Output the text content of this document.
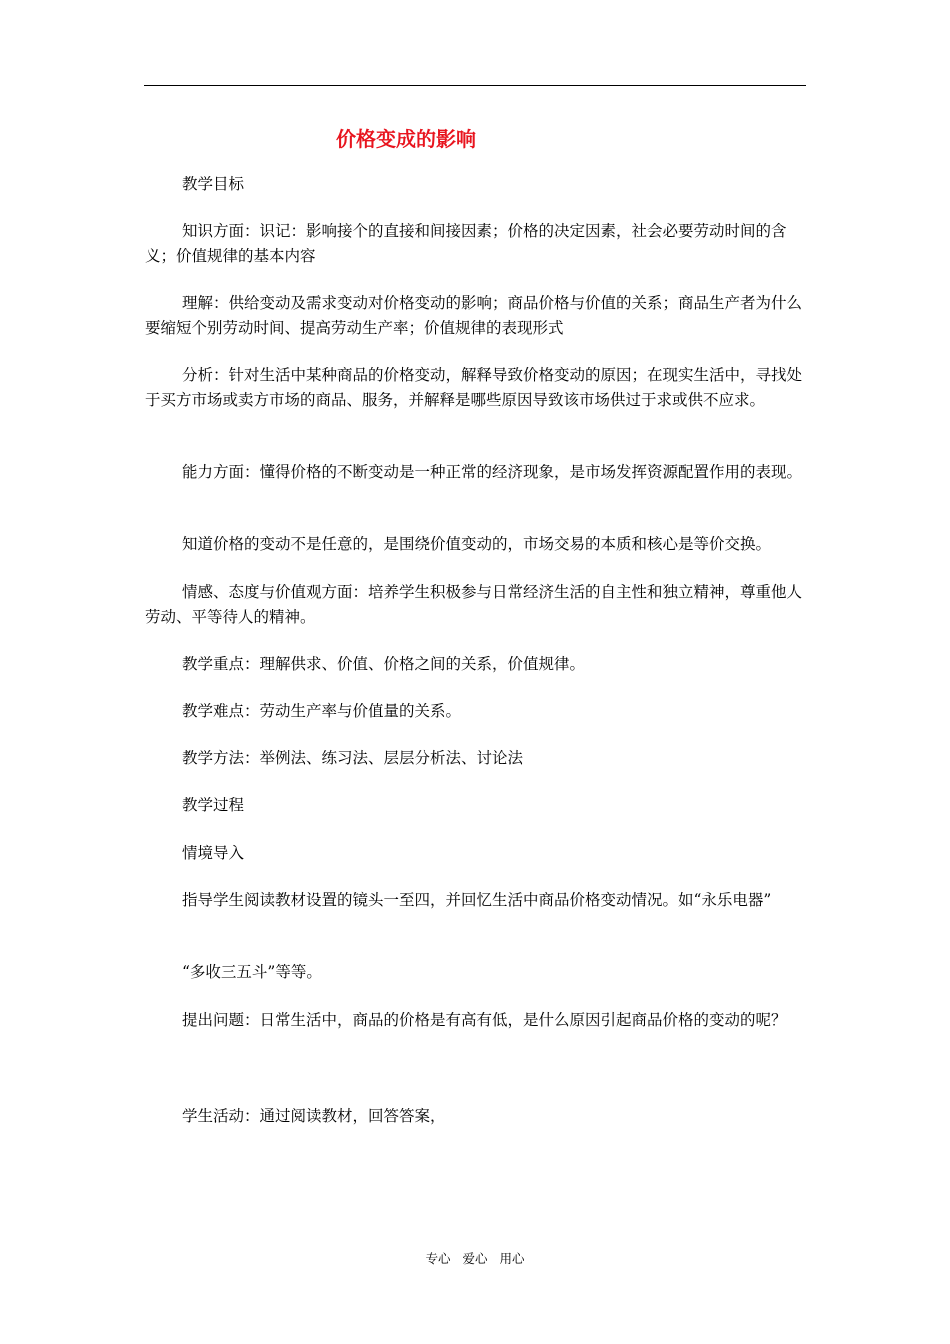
价格变成的影响

教学目标

知识方面：识记：影响接个的直接和间接因素；价格的决定因素，社会必要劳动时间的含义；价值规律的基本内容

理解：供给变动及需求变动对价格变动的影响；商品价格与价值的关系；商品生产者为什么要缩短个别劳动时间、提高劳动生产率；价值规律的表现形式

分析：针对生活中某种商品的价格变动，解释导致价格变动的原因；在现实生活中，寻找处于买方市场或卖方市场的商品、服务，并解释是哪些原因导致该市场供过于求或供不应求。

能力方面：懂得价格的不断变动是一种正常的经济现象，是市场发挥资源配置作用的表现。

知道价格的变动不是任意的，是围绕价值变动的，市场交易的本质和核心是等价交换。

情感、态度与价值观方面：培养学生积极参与日常经济生活的自主性和独立精神，尊重他人劳动、平等待人的精神。

教学重点：理解供求、价值、价格之间的关系，价值规律。

教学难点：劳动生产率与价值量的关系。

教学方法：举例法、练习法、层层分析法、讨论法

教学过程

情境导入

指导学生阅读教材设置的镜头一至四，并回忆生活中商品价格变动情况。如“永乐电器”

“多收三五斗”等等。

提出问题：日常生活中，商品的价格是有高有低，是什么原因引起商品价格的变动的呢？

学生活动：通过阅读教材，回答答案，

专心 爱心 用心
